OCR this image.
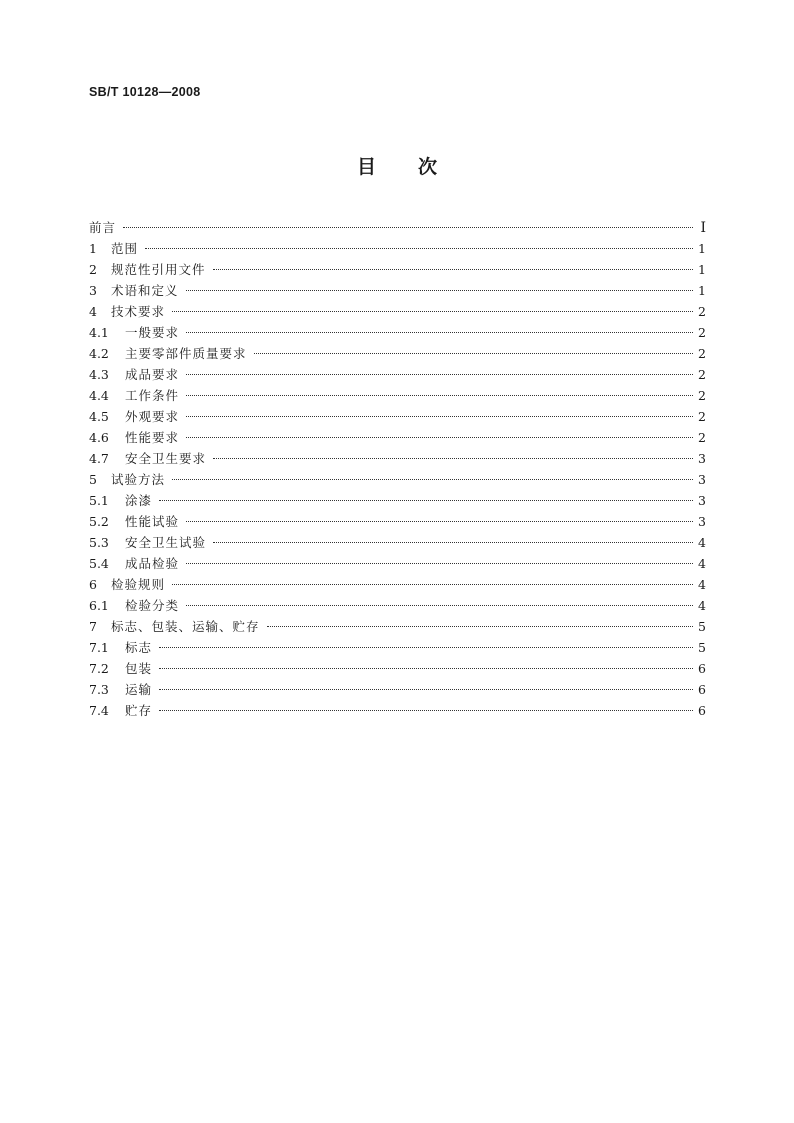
SB/T 10128—2008
目 次
前言	Ⅰ
1	范围	1
2	规范性引用文件	1
3	术语和定义	1
4	技术要求	2
4.1	一般要求	2
4.2	主要零部件质量要求	2
4.3	成品要求	2
4.4	工作条件	2
4.5	外观要求	2
4.6	性能要求	2
4.7	安全卫生要求	3
5	试验方法	3
5.1	涂漆	3
5.2	性能试验	3
5.3	安全卫生试验	4
5.4	成品检验	4
6	检验规则	4
6.1	检验分类	4
7	标志、包装、运输、贮存	5
7.1	标志	5
7.2	包装	6
7.3	运输	6
7.4	贮存	6
